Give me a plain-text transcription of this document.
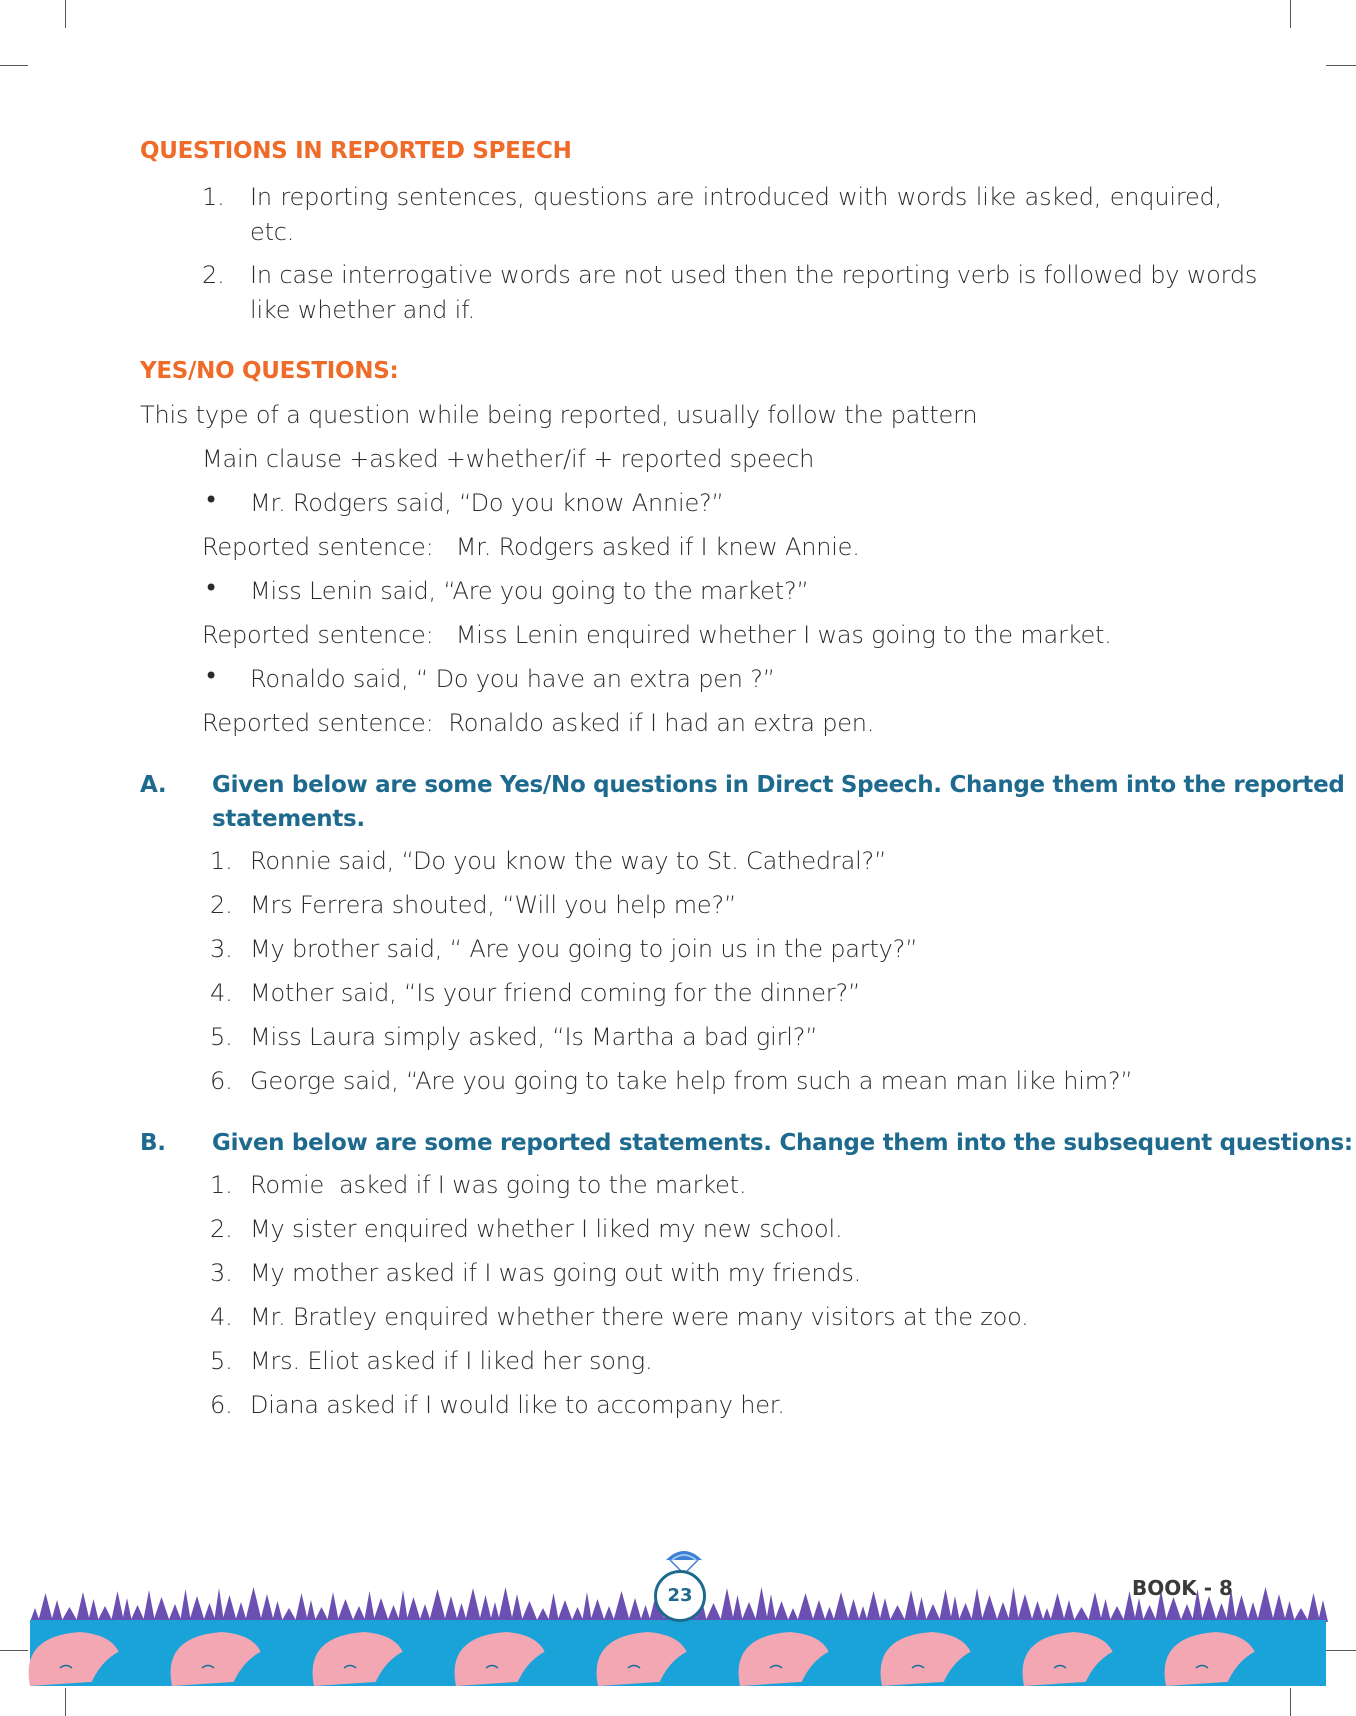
QUESTIONS IN REPORTED SPEECH
1. In reporting sentences, questions are introduced with words like asked, enquired,
etc.
2. In case interrogative words are not used then the reporting verb is followed by words
like whether and if.
YES/NO QUESTIONS:
This type of a question while being reported, usually follow the pattern
Main clause +asked +whether/if + reported speech
• Mr. Rodgers said, “Do you know Annie?”
Reported sentence:   Mr. Rodgers asked if I knew Annie.
• Miss Lenin said, “Are you going to the market?”
Reported sentence:   Miss Lenin enquired whether I was going to the market.
• Ronaldo said, “ Do you have an extra pen ?”
Reported sentence:  Ronaldo asked if I had an extra pen.
A. Given below are some Yes/No questions in Direct Speech. Change them into the reported
statements.
1. Ronnie said, “Do you know the way to St. Cathedral?”
2. Mrs Ferrera shouted, “Will you help me?”
3. My brother said, “ Are you going to join us in the party?”
4. Mother said, “Is your friend coming for the dinner?”
5. Miss Laura simply asked, “Is Martha a bad girl?”
6. George said, “Are you going to take help from such a mean man like him?”
B. Given below are some reported statements. Change them into the subsequent questions:
1. Romie  asked if I was going to the market.
2. My sister enquired whether I liked my new school.
3. My mother asked if I was going out with my friends.
4. Mr. Bratley enquired whether there were many visitors at the zoo.
5. Mrs. Eliot asked if I liked her song.
6. Diana asked if I would like to accompany her.
23	BOOK - 8
